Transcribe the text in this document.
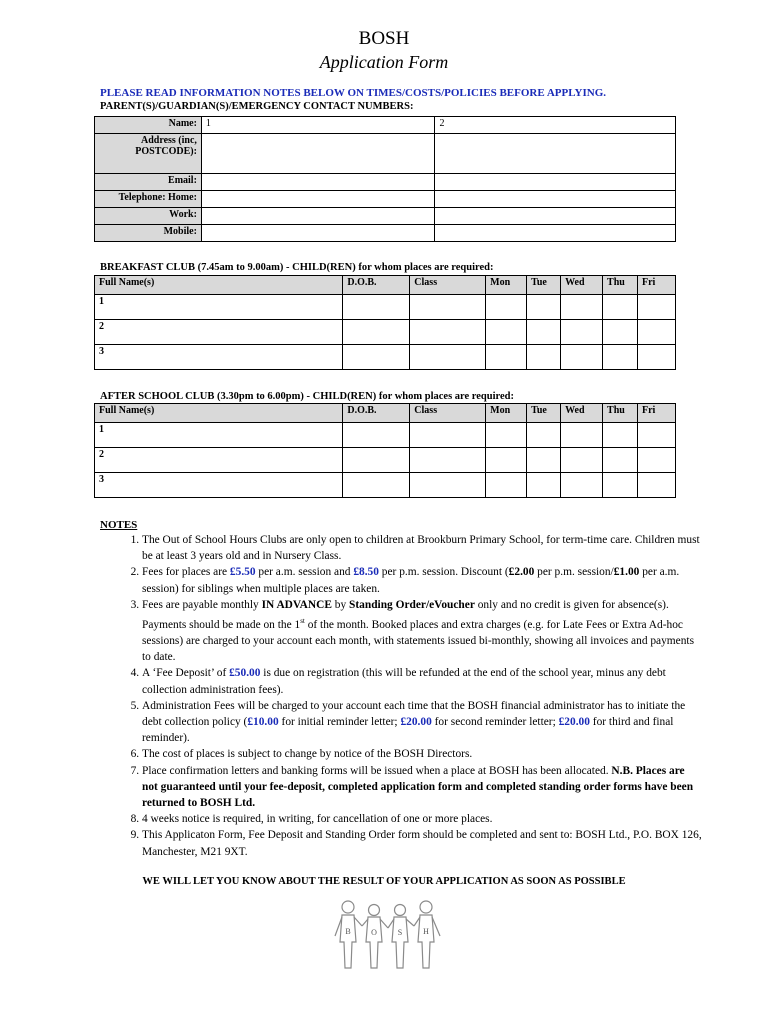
BOSH
Application Form
PLEASE READ INFORMATION NOTES BELOW ON TIMES/COSTS/POLICIES BEFORE APPLYING.
PARENT(S)/GUARDIAN(S)/EMERGENCY CONTACT NUMBERS:
Name:	1	2
Address (inc, POSTCODE):		
Email:		
Telephone: Home:		
Work:		
Mobile:		
BREAKFAST CLUB (7.45am to 9.00am) - CHILD(REN) for whom places are required:
Full Name(s)	D.O.B.	Class	Mon	Tue	Wed	Thu	Fri
1							
2							
3							
AFTER SCHOOL CLUB (3.30pm to 6.00pm) - CHILD(REN) for whom places are required:
Full Name(s)	D.O.B.	Class	Mon	Tue	Wed	Thu	Fri
1							
2							
3							
NOTES
1. The Out of School Hours Clubs are only open to children at Brookburn Primary School, for term-time care. Children must be at least 3 years old and in Nursery Class.
2. Fees for places are £5.50 per a.m. session and £8.50 per p.m. session. Discount (£2.00 per p.m. session/£1.00 per a.m. session) for siblings when multiple places are taken.
3. Fees are payable monthly IN ADVANCE by Standing Order/eVoucher only and no credit is given for absence(s). Payments should be made on the 1st of the month. Booked places and extra charges (e.g. for Late Fees or Extra Ad-hoc sessions) are charged to your account each month, with statements issued bi-monthly, showing all invoices and payments to date.
4. A ‘Fee Deposit’ of £50.00 is due on registration (this will be refunded at the end of the school year, minus any debt collection administration fees).
5. Administration Fees will be charged to your account each time that the BOSH financial administrator has to initiate the debt collection policy (£10.00 for initial reminder letter; £20.00 for second reminder letter; £20.00 for third and final reminder).
6. The cost of places is subject to change by notice of the BOSH Directors.
7. Place confirmation letters and banking forms will be issued when a place at BOSH has been allocated. N.B. Places are not guaranteed until your fee-deposit, completed application form and completed standing order forms have been returned to BOSH Ltd.
8. 4 weeks notice is required, in writing, for cancellation of one or more places.
9. This Applicaton Form, Fee Deposit and Standing Order form should be completed and sent to: BOSH Ltd., P.O. BOX 126, Manchester, M21 9XT.
WE WILL LET YOU KNOW ABOUT THE RESULT OF YOUR APPLICATION AS SOON AS POSSIBLE
B	O	S	H
